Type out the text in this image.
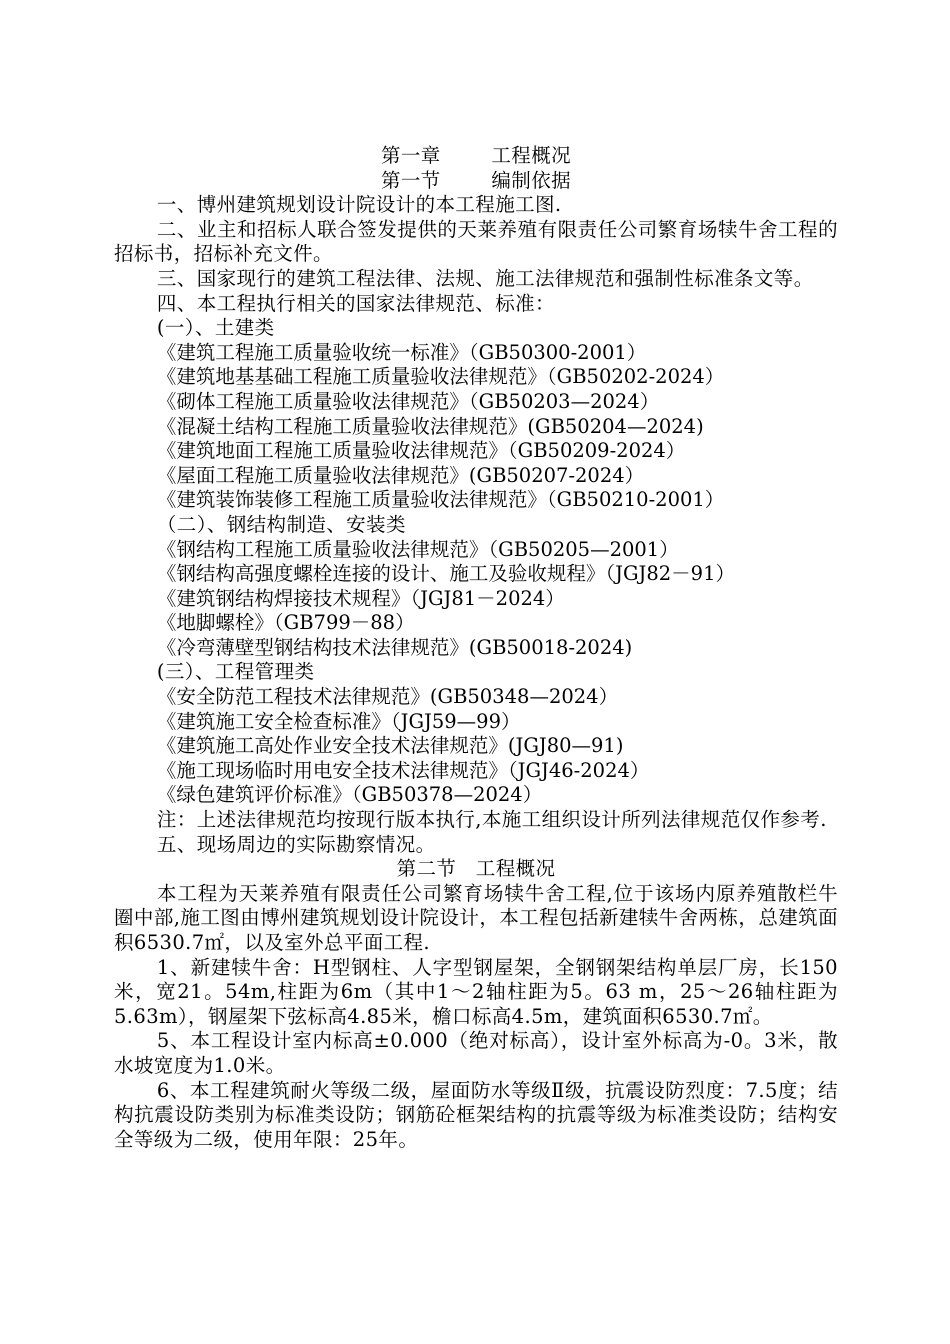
第一章	工程概况

第一节	编制依据

一、博州建筑规划设计院设计的本工程施工图.

二、业主和招标人联合签发提供的天莱养殖有限责任公司繁育场犊牛舍工程的招标书，招标补充文件。

三、国家现行的建筑工程法律、法规、施工法律规范和强制性标准条文等。

四、本工程执行相关的国家法律规范、标准：

(一）、土建类

《建筑工程施工质量验收统一标准》（GB50300-2001）

《建筑地基基础工程施工质量验收法律规范》（GB50202-2024）

《砌体工程施工质量验收法律规范》（GB50203—2024）

《混凝土结构工程施工质量验收法律规范》(GB50204—2024)

《建筑地面工程施工质量验收法律规范》（GB50209-2024）

《屋面工程施工质量验收法律规范》(GB50207-2024）

《建筑装饰装修工程施工质量验收法律规范》（GB50210-2001）

（二）、钢结构制造、安装类

《钢结构工程施工质量验收法律规范》（GB50205—2001）

《钢结构高强度螺栓连接的设计、施工及验收规程》（JGJ82－91）

《建筑钢结构焊接技术规程》（JGJ81－2024）

《地脚螺栓》（GB799－88）

《冷弯薄壁型钢结构技术法律规范》(GB50018-2024)

(三）、工程管理类

《安全防范工程技术法律规范》(GB50348—2024）

《建筑施工安全检查标准》（JGJ59—99）

《建筑施工高处作业安全技术法律规范》(JGJ80—91)

《施工现场临时用电安全技术法律规范》（JGJ46-2024）

《绿色建筑评价标准》（GB50378—2024）

注：上述法律规范均按现行版本执行,本施工组织设计所列法律规范仅作参考.

五、现场周边的实际勘察情况。

第二节 工程概况

本工程为天莱养殖有限责任公司繁育场犊牛舍工程,位于该场内原养殖散栏牛圈中部,施工图由博州建筑规划设计院设计，本工程包括新建犊牛舍两栋，总建筑面积6530.7㎡，以及室外总平面工程.

1、新建犊牛舍：H型钢柱、人字型钢屋架，全钢钢架结构单层厂房，长150米，宽21。54m,柱距为6m（其中1～2轴柱距为5。63 m，25～26轴柱距为5.63m），钢屋架下弦标高4.85米，檐口标高4.5m，建筑面积6530.7㎡。

5、本工程设计室内标高±0.000（绝对标高），设计室外标高为-0。3米，散水坡宽度为1.0米。

6、本工程建筑耐火等级二级，屋面防水等级Ⅱ级，抗震设防烈度：7.5度；结构抗震设防类别为标准类设防；钢筋砼框架结构的抗震等级为标准类设防；结构安全等级为二级，使用年限：25年。
